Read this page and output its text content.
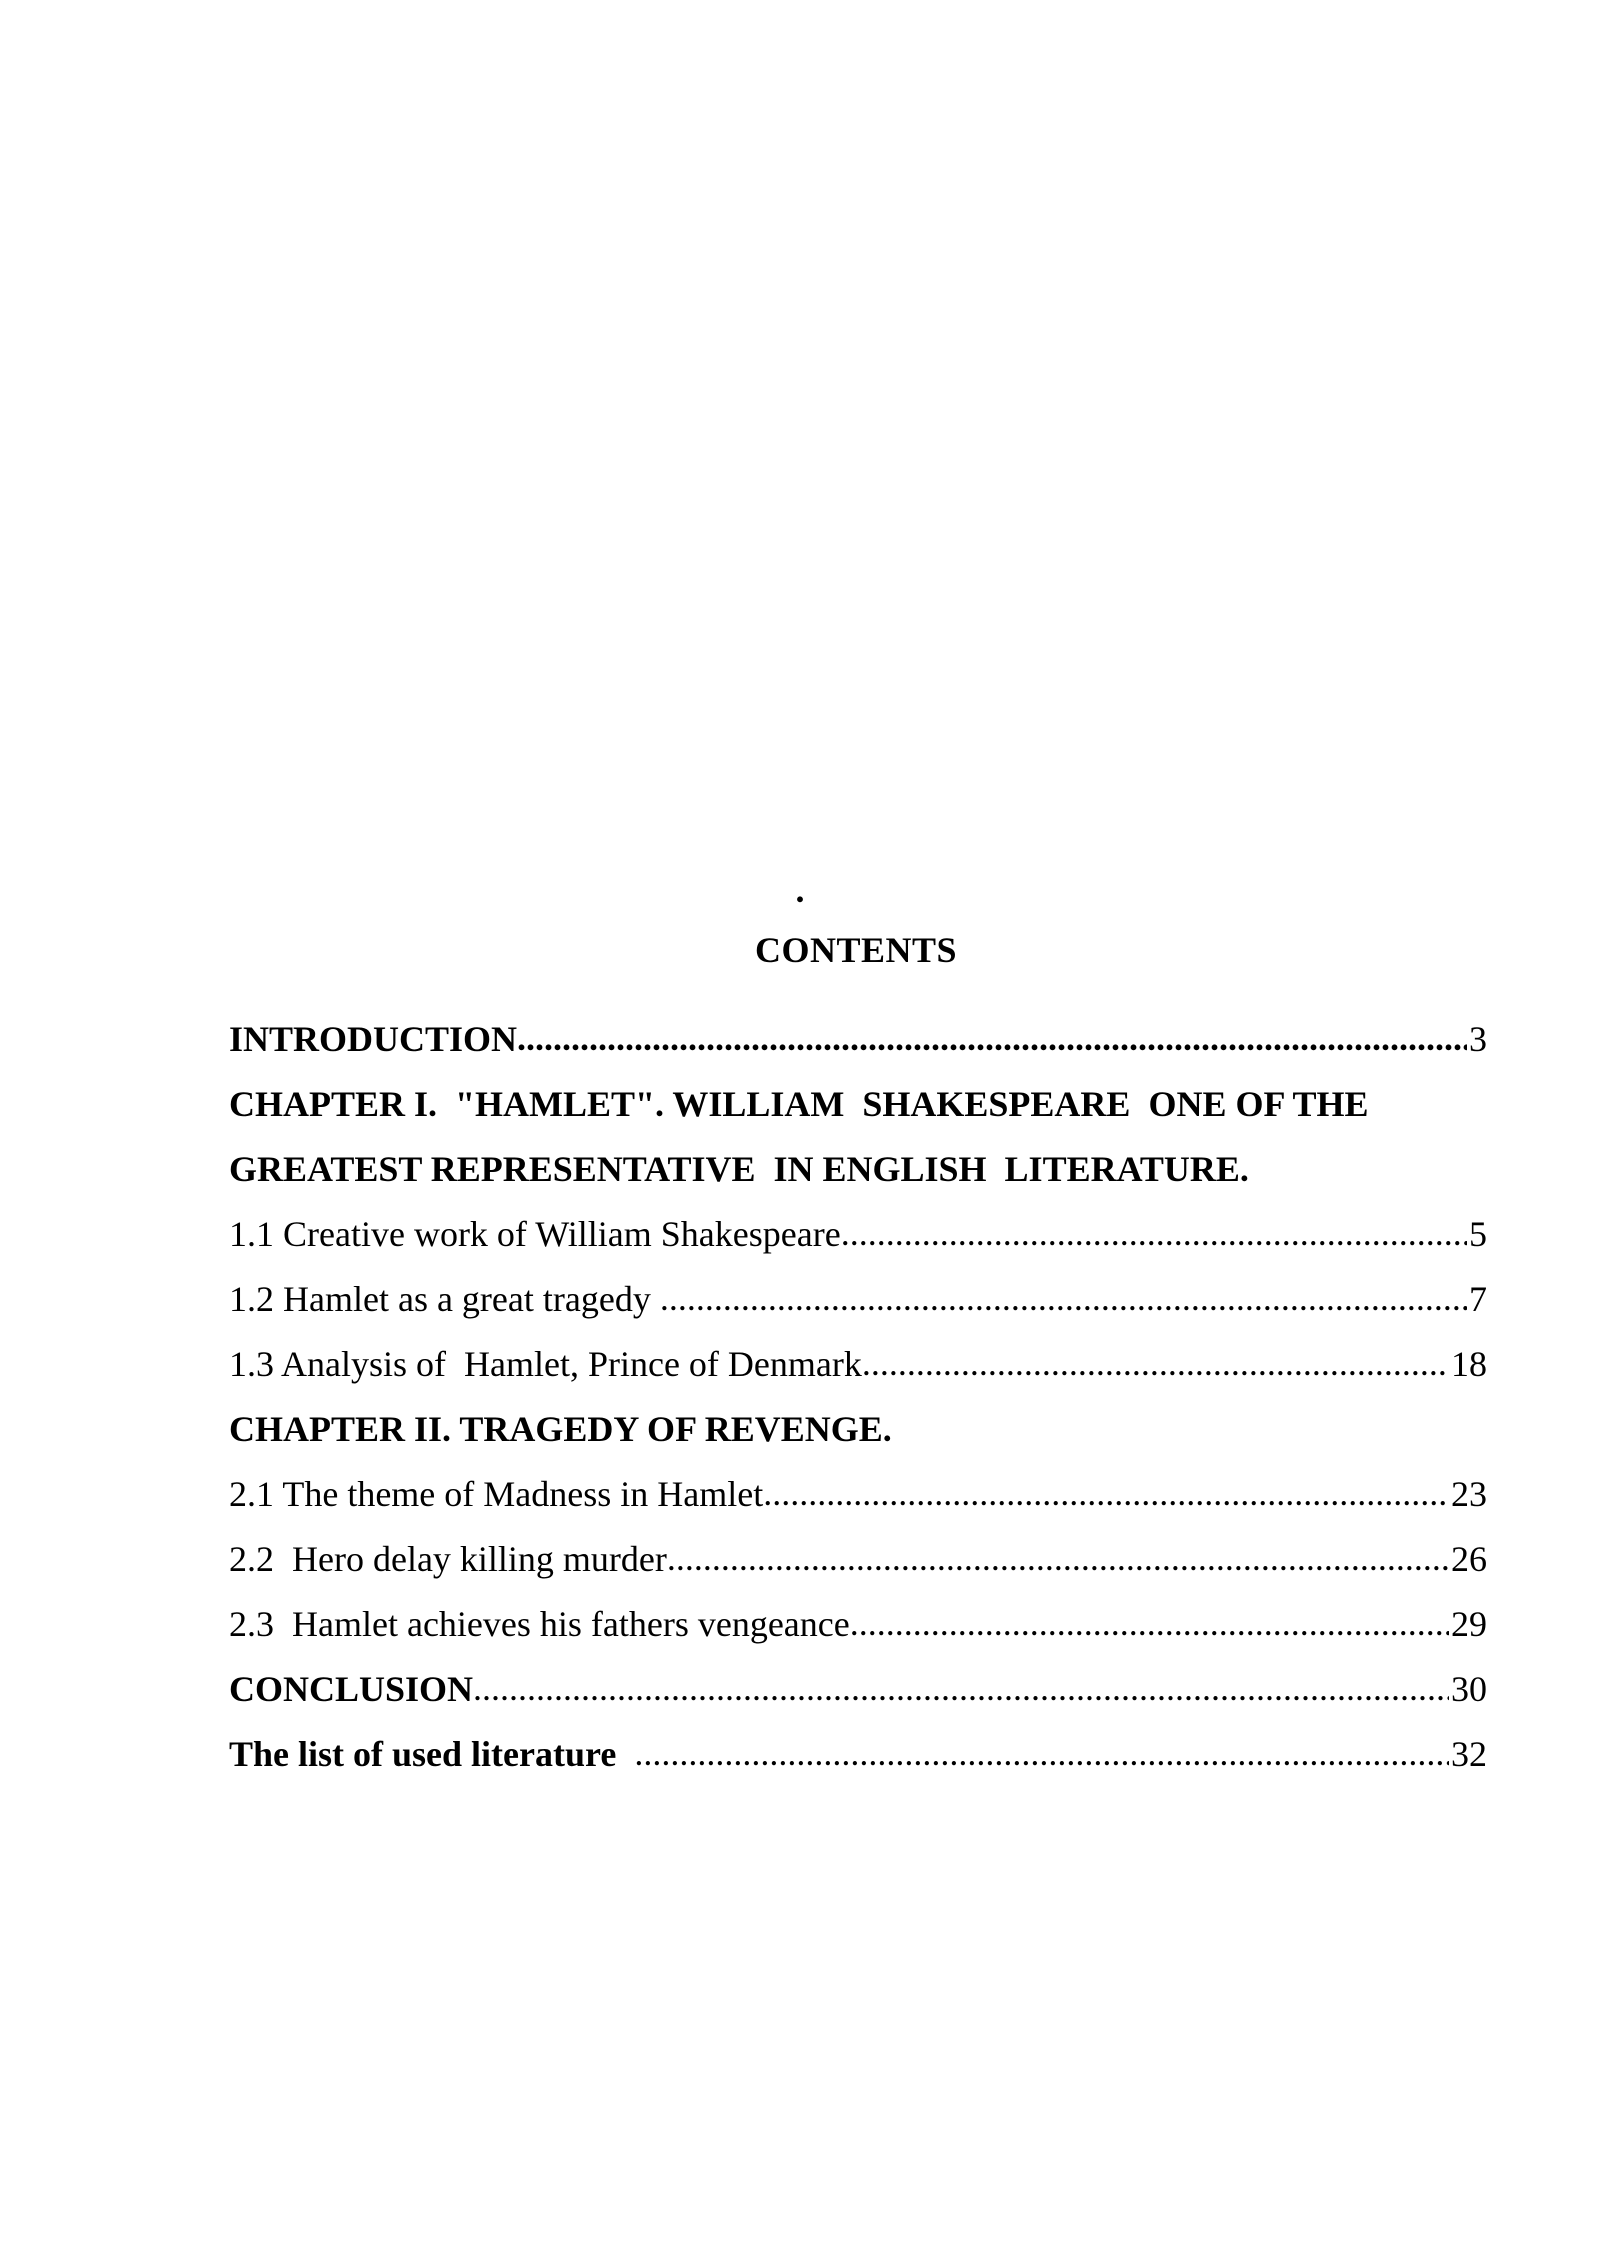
.
CONTENTS
INTRODUCTION .....	3
CHAPTER I.  "HAMLET". WILLIAM  SHAKESPEARE  ONE OF THE
GREATEST REPRESENTATIVE  IN ENGLISH  LITERATURE.
1.1 Creative work of William Shakespeare .....	5
1.2 Hamlet as a great tragedy .....	7
1.3 Analysis of  Hamlet, Prince of Denmark .....	18
CHAPTER II. TRAGEDY OF REVENGE.
2.1 The theme of Madness in Hamlet .....	23
2.2  Hero delay killing murder .....	26
2.3  Hamlet achieves his fathers vengeance .....	29
CONCLUSION .....	30
The list of used literature .....	32
